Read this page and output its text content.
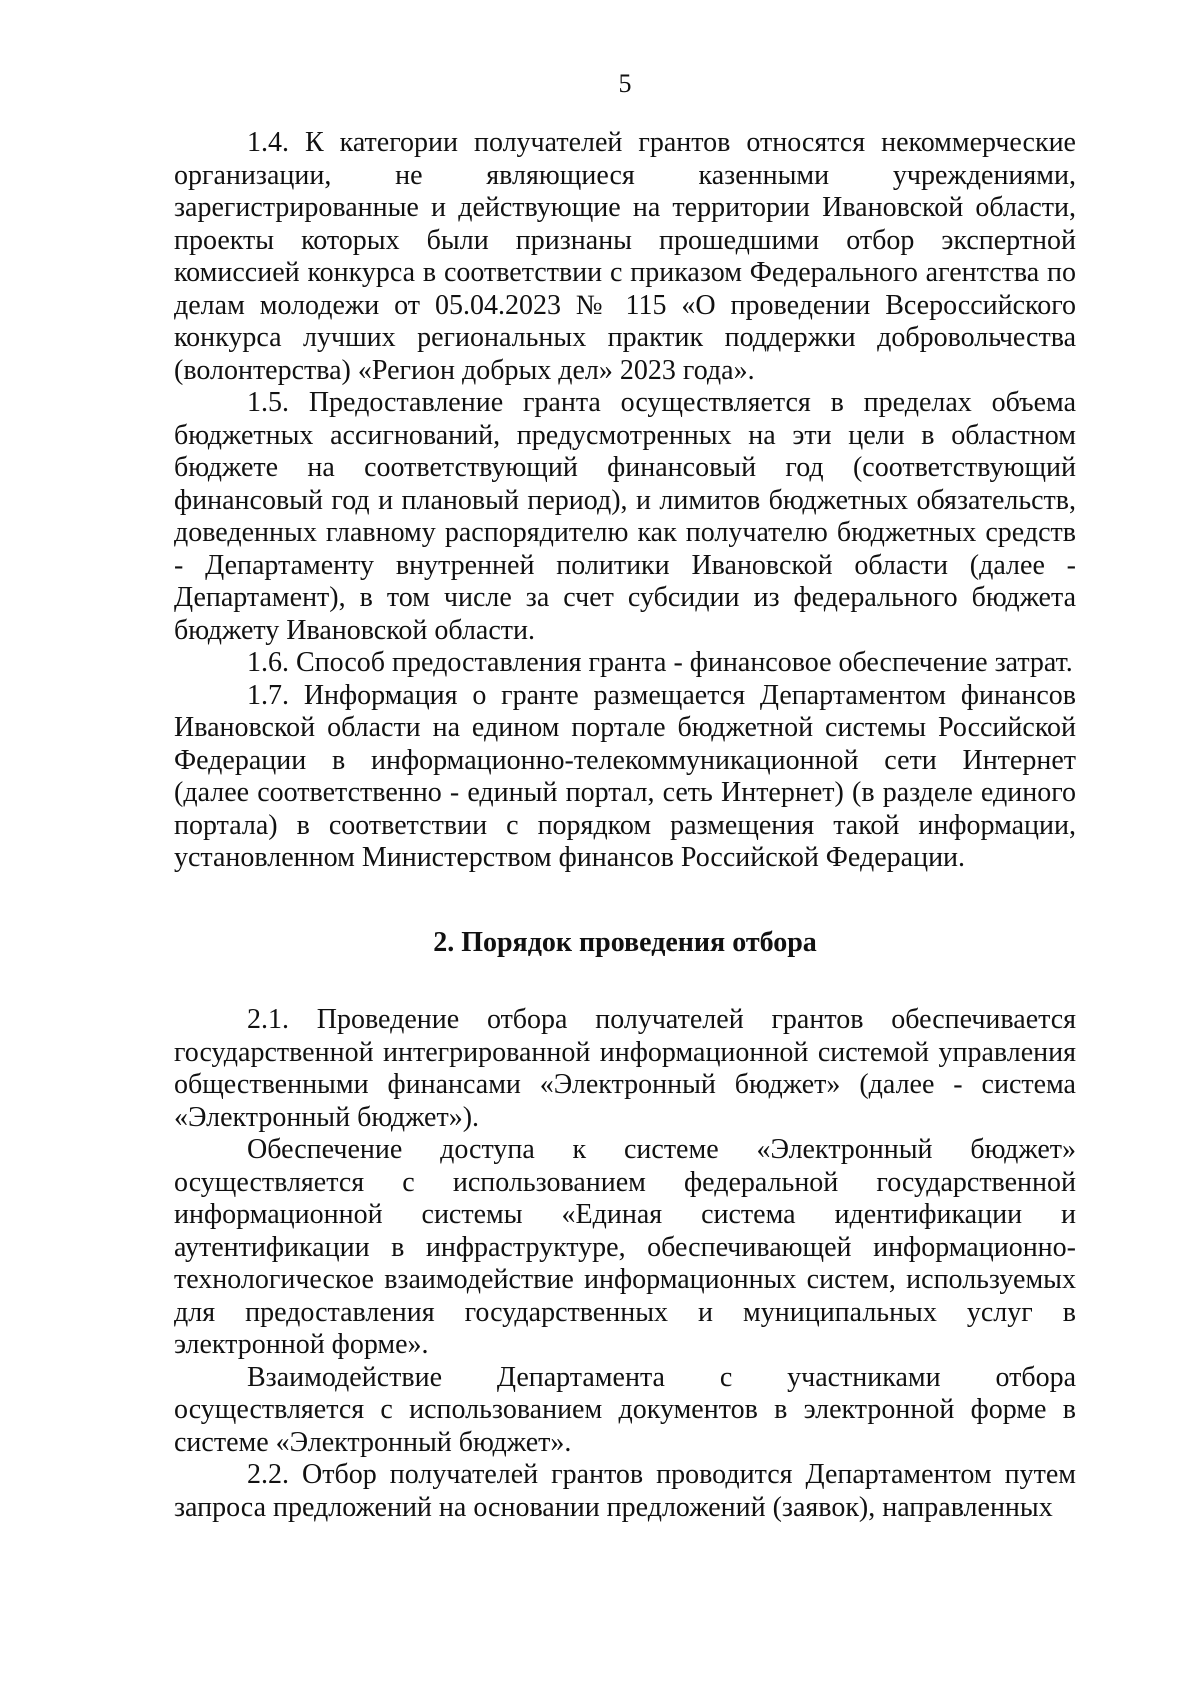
5

1.4. К категории получателей грантов относятся некоммерческие организации, не являющиеся казенными учреждениями, зарегистрированные и действующие на территории Ивановской области, проекты которых были признаны прошедшими отбор экспертной комиссией конкурса в соответствии с приказом Федерального агентства по делам молодежи от 05.04.2023 № 115 «О проведении Всероссийского конкурса лучших региональных практик поддержки добровольчества (волонтерства) «Регион добрых дел» 2023 года».

1.5. Предоставление гранта осуществляется в пределах объема бюджетных ассигнований, предусмотренных на эти цели в областном бюджете на соответствующий финансовый год (соответствующий финансовый год и плановый период), и лимитов бюджетных обязательств, доведенных главному распорядителю как получателю бюджетных средств - Департаменту внутренней политики Ивановской области (далее - Департамент), в том числе за счет субсидии из федерального бюджета бюджету Ивановской области.

1.6. Способ предоставления гранта - финансовое обеспечение затрат.

1.7. Информация о гранте размещается Департаментом финансов Ивановской области на едином портале бюджетной системы Российской Федерации в информационно-телекоммуникационной сети Интернет (далее соответственно - единый портал, сеть Интернет) (в разделе единого портала) в соответствии с порядком размещения такой информации, установленном Министерством финансов Российской Федерации.

2. Порядок проведения отбора

2.1. Проведение отбора получателей грантов обеспечивается государственной интегрированной информационной системой управления общественными финансами «Электронный бюджет» (далее - система «Электронный бюджет»).

Обеспечение доступа к системе «Электронный бюджет» осуществляется с использованием федеральной государственной информационной системы «Единая система идентификации и аутентификации в инфраструктуре, обеспечивающей информационно-технологическое взаимодействие информационных систем, используемых для предоставления государственных и муниципальных услуг в электронной форме».

Взаимодействие Департамента с участниками отбора осуществляется с использованием документов в электронной форме в системе «Электронный бюджет».

2.2. Отбор получателей грантов проводится Департаментом путем запроса предложений на основании предложений (заявок), направленных
